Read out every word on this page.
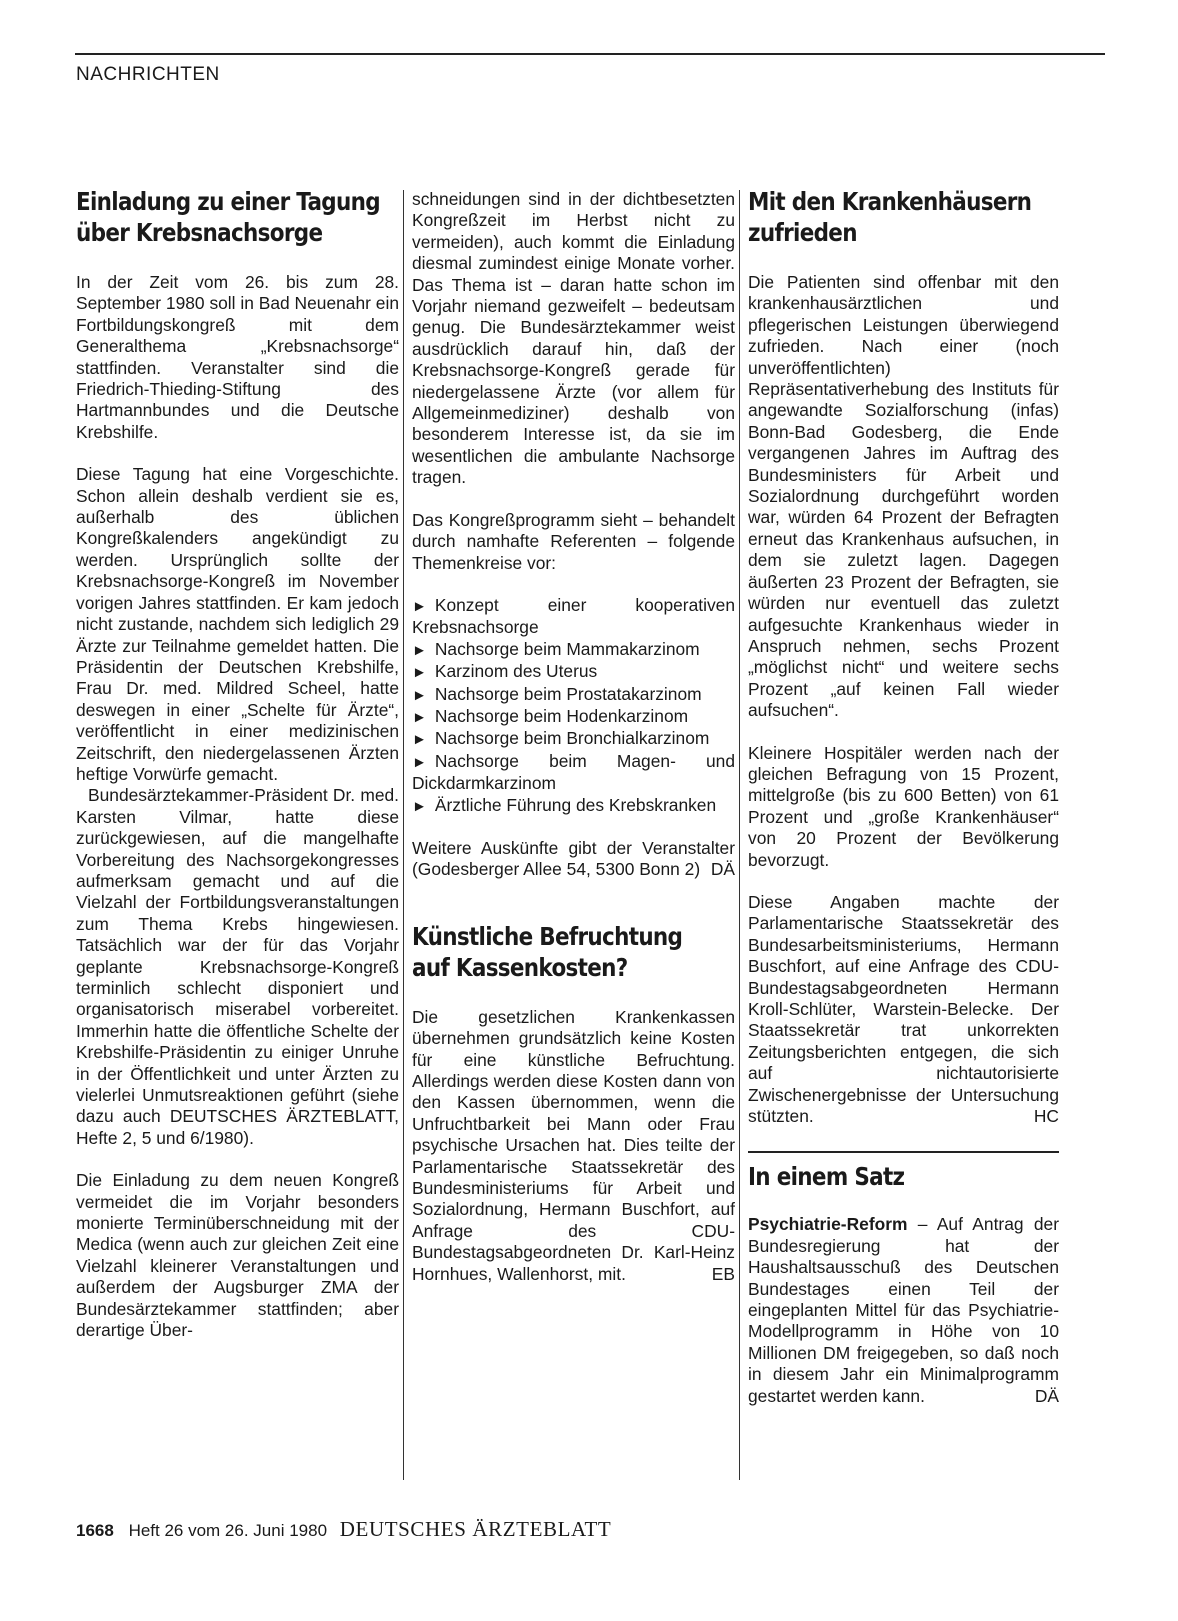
NACHRICHTEN
Einladung zu einer Tagung
über Krebsnachsorge

In der Zeit vom 26. bis zum 28. September 1980 soll in Bad Neuenahr ein Fortbildungskongreß mit dem Generalthema „Krebsnachsorge“ stattfinden. Veranstalter sind die Friedrich-Thieding-Stiftung des Hartmannbundes und die Deutsche Krebshilfe.

Diese Tagung hat eine Vorgeschichte. Schon allein deshalb verdient sie es, außerhalb des üblichen Kongreßkalenders angekündigt zu werden. Ursprünglich sollte der Krebsnachsorge-Kongreß im November vorigen Jahres stattfinden. Er kam jedoch nicht zustande, nachdem sich lediglich 29 Ärzte zur Teilnahme gemeldet hatten. Die Präsidentin der Deutschen Krebshilfe, Frau Dr. med. Mildred Scheel, hatte deswegen in einer „Schelte für Ärzte“, veröffentlicht in einer medizinischen Zeitschrift, den niedergelassenen Ärzten heftige Vorwürfe gemacht.

Bundesärztekammer-Präsident Dr. med. Karsten Vilmar, hatte diese zurückgewiesen, auf die mangelhafte Vorbereitung des Nachsorgekongresses aufmerksam gemacht und auf die Vielzahl der Fortbildungsveranstaltungen zum Thema Krebs hingewiesen. Tatsächlich war der für das Vorjahr geplante Krebsnachsorge-Kongreß terminlich schlecht disponiert und organisatorisch miserabel vorbereitet. Immerhin hatte die öffentliche Schelte der Krebshilfe-Präsidentin zu einiger Unruhe in der Öffentlichkeit und unter Ärzten zu vielerlei Unmutsreaktionen geführt (siehe dazu auch DEUTSCHES ÄRZTEBLATT, Hefte 2, 5 und 6/1980).

Die Einladung zu dem neuen Kongreß vermeidet die im Vorjahr besonders monierte Terminüberschneidung mit der Medica (wenn auch zur gleichen Zeit eine Vielzahl kleinerer Veranstaltungen und außerdem der Augsburger ZMA der Bundesärztekammer stattfinden; aber derartige Über-

schneidungen sind in der dichtbesetzten Kongreßzeit im Herbst nicht zu vermeiden), auch kommt die Einladung diesmal zumindest einige Monate vorher. Das Thema ist – daran hatte schon im Vorjahr niemand gezweifelt – bedeutsam genug. Die Bundesärztekammer weist ausdrücklich darauf hin, daß der Krebsnachsorge-Kongreß gerade für niedergelassene Ärzte (vor allem für Allgemeinmediziner) deshalb von besonderem Interesse ist, da sie im wesentlichen die ambulante Nachsorge tragen.

Das Kongreßprogramm sieht – behandelt durch namhafte Referenten – folgende Themenkreise vor:

► Konzept einer kooperativen Krebsnachsorge
► Nachsorge beim Mammakarzinom
► Karzinom des Uterus
► Nachsorge beim Prostatakarzinom
► Nachsorge beim Hodenkarzinom
► Nachsorge beim Bronchialkarzinom
► Nachsorge beim Magen- und Dickdarmkarzinom
► Ärztliche Führung des Krebskranken

Weitere Auskünfte gibt der Veranstalter (Godesberger Allee 54, 5300 Bonn 2) DÄ

Künstliche Befruchtung
auf Kassenkosten?

Die gesetzlichen Krankenkassen übernehmen grundsätzlich keine Kosten für eine künstliche Befruchtung. Allerdings werden diese Kosten dann von den Kassen übernommen, wenn die Unfruchtbarkeit bei Mann oder Frau psychische Ursachen hat. Dies teilte der Parlamentarische Staatssekretär des Bundesministeriums für Arbeit und Sozialordnung, Hermann Buschfort, auf Anfrage des CDU-Bundestagsabgeordneten Dr. Karl-Heinz Hornhues, Wallenhorst, mit.	EB

Mit den Krankenhäusern
zufrieden

Die Patienten sind offenbar mit den krankenhausärztlichen und pflegerischen Leistungen überwiegend zufrieden. Nach einer (noch unveröffentlichten) Repräsentativerhebung des Instituts für angewandte Sozialforschung (infas) Bonn-Bad Godesberg, die Ende vergangenen Jahres im Auftrag des Bundesministers für Arbeit und Sozialordnung durchgeführt worden war, würden 64 Prozent der Befragten erneut das Krankenhaus aufsuchen, in dem sie zuletzt lagen. Dagegen äußerten 23 Prozent der Befragten, sie würden nur eventuell das zuletzt aufgesuchte Krankenhaus wieder in Anspruch nehmen, sechs Prozent „möglichst nicht“ und weitere sechs Prozent „auf keinen Fall wieder aufsuchen“.

Kleinere Hospitäler werden nach der gleichen Befragung von 15 Prozent, mittelgroße (bis zu 600 Betten) von 61 Prozent und „große Krankenhäuser“ von 20 Prozent der Bevölkerung bevorzugt.

Diese Angaben machte der Parlamentarische Staatssekretär des Bundesarbeitsministeriums, Hermann Buschfort, auf eine Anfrage des CDU-Bundestagsabgeordneten Hermann Kroll-Schlüter, Warstein-Belecke. Der Staatssekretär trat unkorrekten Zeitungsberichten entgegen, die sich auf nichtautorisierte Zwischenergebnisse der Untersuchung stützten.	HC

In einem Satz

Psychiatrie-Reform – Auf Antrag der Bundesregierung hat der Haushaltsausschuß des Deutschen Bundestages einen Teil der eingeplanten Mittel für das Psychiatrie-Modellprogramm in Höhe von 10 Millionen DM freigegeben, so daß noch in diesem Jahr ein Minimalprogramm gestartet werden kann.	DÄ

1668 Heft 26 vom 26. Juni 1980 DEUTSCHES ÄRZTEBLATT
